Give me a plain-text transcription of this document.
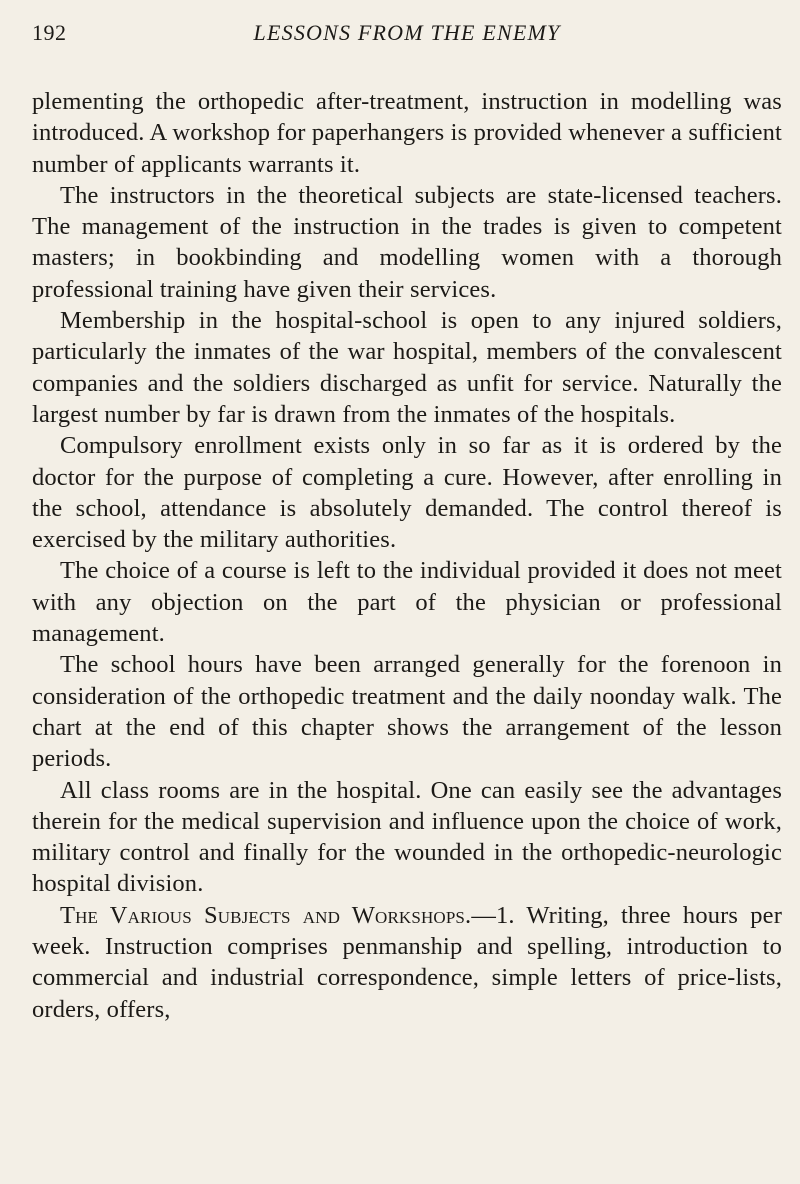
192	LESSONS FROM THE ENEMY

plementing the orthopedic after-treatment, instruction in modelling was introduced. A workshop for paperhangers is provided whenever a sufficient number of applicants warrants it.

The instructors in the theoretical subjects are state-licensed teachers. The management of the instruction in the trades is given to competent masters; in bookbinding and modelling women with a thorough professional training have given their services.

Membership in the hospital-school is open to any injured soldiers, particularly the inmates of the war hospital, members of the convalescent companies and the soldiers discharged as unfit for service. Naturally the largest number by far is drawn from the inmates of the hospitals.

Compulsory enrollment exists only in so far as it is ordered by the doctor for the purpose of completing a cure. However, after enrolling in the school, attendance is absolutely demanded. The control thereof is exercised by the military authorities.

The choice of a course is left to the individual provided it does not meet with any objection on the part of the physician or professional management.

The school hours have been arranged generally for the forenoon in consideration of the orthopedic treatment and the daily noonday walk. The chart at the end of this chapter shows the arrangement of the lesson periods.

All class rooms are in the hospital. One can easily see the advantages therein for the medical supervision and influence upon the choice of work, military control and finally for the wounded in the orthopedic-neurologic hospital division.

The Various Subjects and Workshops.—1. Writing, three hours per week. Instruction comprises penmanship and spelling, introduction to commercial and industrial correspondence, simple letters of price-lists, orders, offers,
